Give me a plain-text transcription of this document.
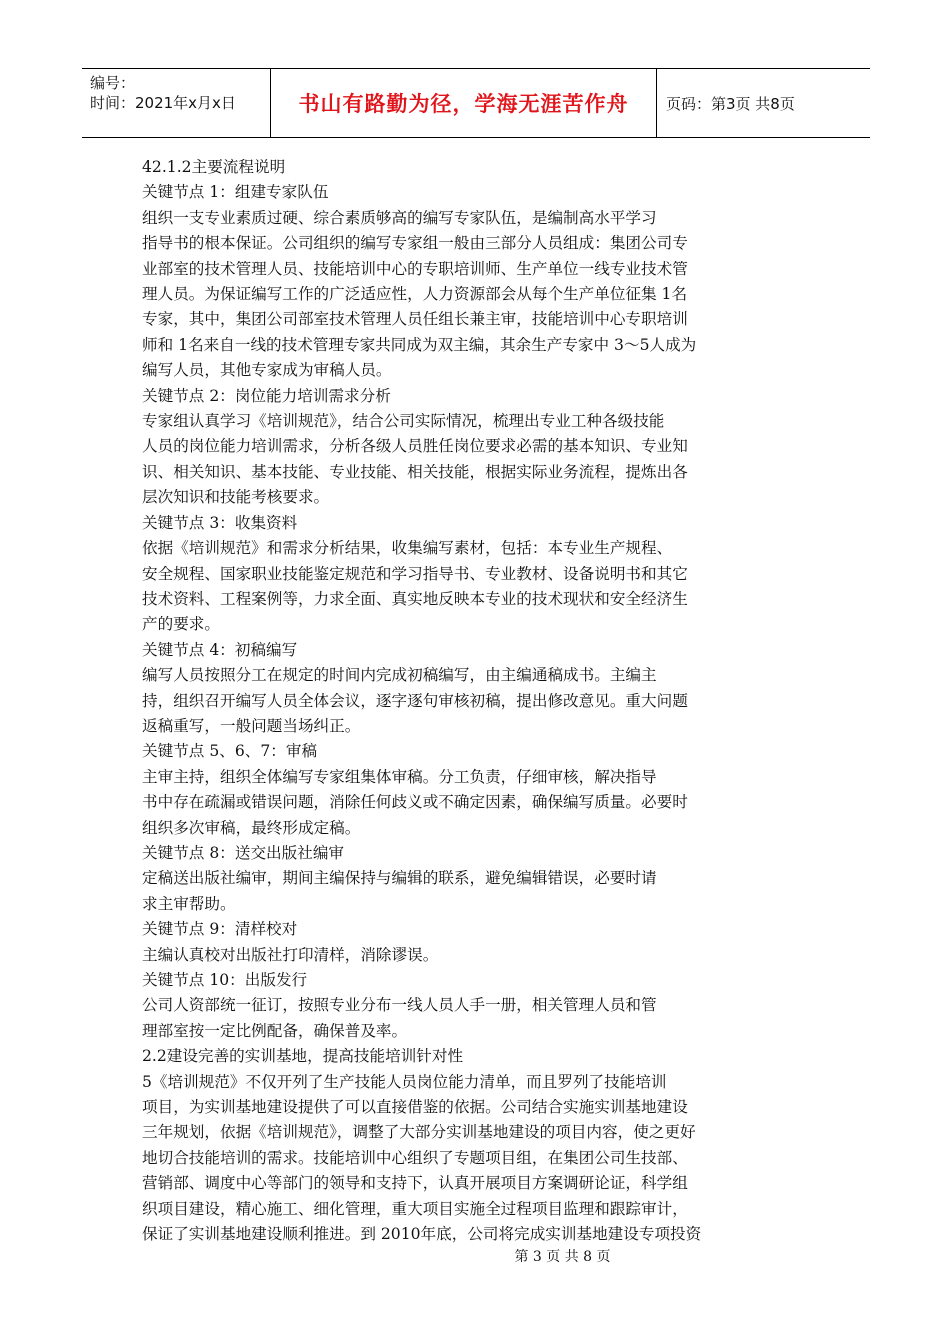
编号：
时间：2021年x月x日	书山有路勤为径，学海无涯苦作舟	页码：第3页 共8页

42.1.2主要流程说明

关键节点 1：组建专家队伍

组织一支专业素质过硬、综合素质够高的编写专家队伍，是编制高水平学习

指导书的根本保证。公司组织的编写专家组一般由三部分人员组成：集团公司专

业部室的技术管理人员、技能培训中心的专职培训师、生产单位一线专业技术管

理人员。为保证编写工作的广泛适应性，人力资源部会从每个生产单位征集 1名

专家，其中，集团公司部室技术管理人员任组长兼主审，技能培训中心专职培训

师和 1名来自一线的技术管理专家共同成为双主编，其余生产专家中 3～5人成为

编写人员，其他专家成为审稿人员。

关键节点 2：岗位能力培训需求分析

专家组认真学习《培训规范》，结合公司实际情况，梳理出专业工种各级技能

人员的岗位能力培训需求，分析各级人员胜任岗位要求必需的基本知识、专业知

识、相关知识、基本技能、专业技能、相关技能，根据实际业务流程，提炼出各

层次知识和技能考核要求。

关键节点 3：收集资料

依据《培训规范》和需求分析结果，收集编写素材，包括：本专业生产规程、

安全规程、国家职业技能鉴定规范和学习指导书、专业教材、设备说明书和其它

技术资料、工程案例等，力求全面、真实地反映本专业的技术现状和安全经济生

产的要求。

关键节点 4：初稿编写

编写人员按照分工在规定的时间内完成初稿编写，由主编通稿成书。主编主

持，组织召开编写人员全体会议，逐字逐句审核初稿，提出修改意见。重大问题

返稿重写，一般问题当场纠正。

关键节点 5、6、7：审稿

主审主持，组织全体编写专家组集体审稿。分工负责，仔细审核，解决指导

书中存在疏漏或错误问题，消除任何歧义或不确定因素，确保编写质量。必要时

组织多次审稿，最终形成定稿。

关键节点 8：送交出版社编审

定稿送出版社编审，期间主编保持与编辑的联系，避免编辑错误，必要时请

求主审帮助。

关键节点 9：清样校对

主编认真校对出版社打印清样，消除谬误。

关键节点 10：出版发行

公司人资部统一征订，按照专业分布一线人员人手一册，相关管理人员和管

理部室按一定比例配备，确保普及率。

2.2建设完善的实训基地，提高技能培训针对性

5《培训规范》不仅开列了生产技能人员岗位能力清单，而且罗列了技能培训

项目，为实训基地建设提供了可以直接借鉴的依据。公司结合实施实训基地建设

三年规划，依据《培训规范》，调整了大部分实训基地建设的项目内容，使之更好

地切合技能培训的需求。技能培训中心组织了专题项目组，在集团公司生技部、

营销部、调度中心等部门的领导和支持下，认真开展项目方案调研论证，科学组

织项目建设，精心施工、细化管理，重大项目实施全过程项目监理和跟踪审计，

保证了实训基地建设顺利推进。到 2010年底，公司将完成实训基地建设专项投资

第 3 页 共 8 页
